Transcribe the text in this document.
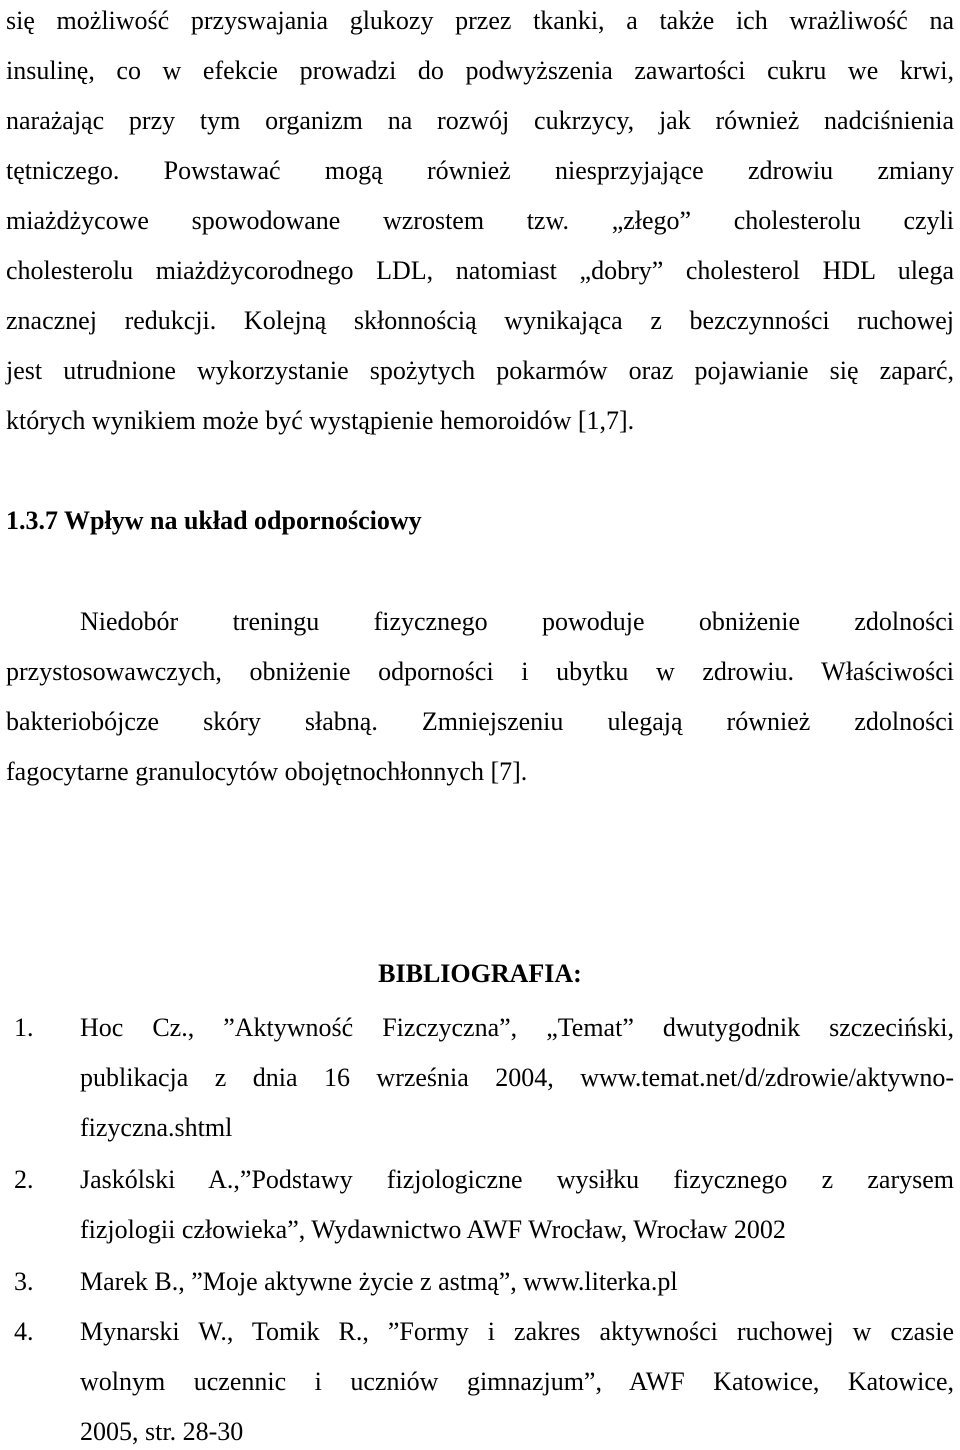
się możliwość przyswajania glukozy przez tkanki, a także ich wrażliwość na
insulinę, co w efekcie prowadzi do podwyższenia zawartości cukru we krwi,
narażając przy tym organizm na rozwój cukrzycy, jak również nadciśnienia
tętniczego. Powstawać mogą również niesprzyjające zdrowiu zmiany
miażdżycowe spowodowane wzrostem tzw. „złego” cholesterolu czyli
cholesterolu miażdżycorodnego LDL, natomiast „dobry” cholesterol HDL ulega
znacznej redukcji. Kolejną skłonnością wynikająca z bezczynności ruchowej
jest utrudnione wykorzystanie spożytych pokarmów oraz pojawianie się zaparć,
których wynikiem może być wystąpienie hemoroidów [1,7].
1.3.7 Wpływ na układ odpornościowy
Niedobór treningu fizycznego powoduje obniżenie zdolności
przystosowawczych, obniżenie odporności i ubytku w zdrowiu. Właściwości
bakteriobójcze skóry słabną. Zmniejszeniu ulegają również zdolności
fagocytarne granulocytów obojętnochłonnych [7].
BIBLIOGRAFIA:
1.	Hoc Cz., ”Aktywność Fizczyczna”, „Temat” dwutygodnik szczeciński,
publikacja z dnia 16 września 2004, www.temat.net/d/zdrowie/aktywno-
fizyczna.shtml
2.	Jaskólski A.,”Podstawy fizjologiczne wysiłku fizycznego z zarysem
fizjologii człowieka”, Wydawnictwo AWF Wrocław, Wrocław 2002
3.	Marek B., ”Moje aktywne życie z astmą”, www.literka.pl
4.	Mynarski W., Tomik R., ”Formy i zakres aktywności ruchowej w czasie
wolnym uczennic i uczniów gimnazjum”, AWF Katowice, Katowice,
2005, str. 28-30
